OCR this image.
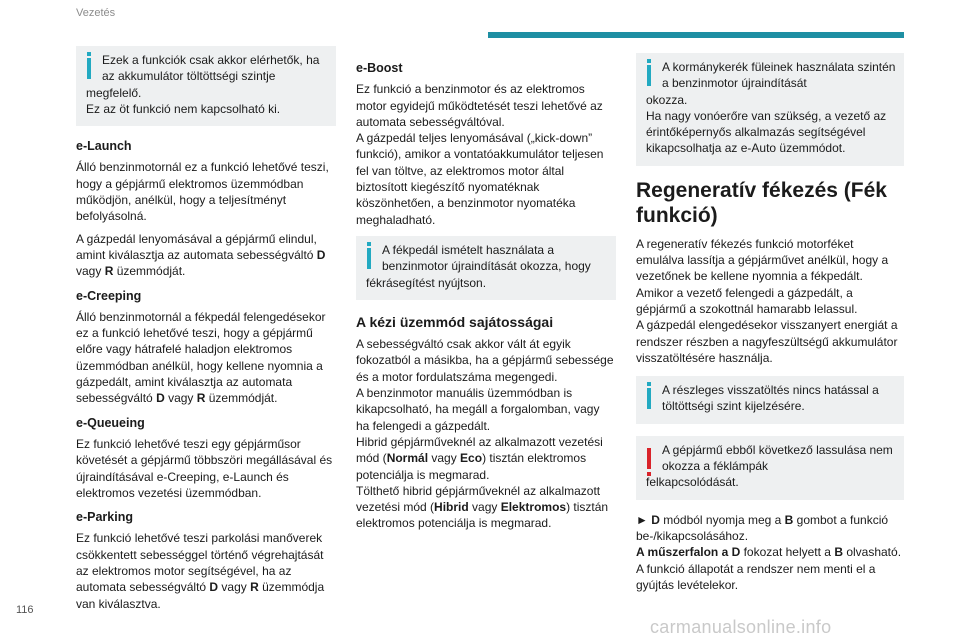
Vezetés
116

Ezek a funkciók csak akkor elérhetők, ha az akkumulátor töltöttségi szintje

megfelelő.

Ez az öt funkció nem kapcsolható ki.

e-Launch

Álló benzinmotornál ez a funkció lehetővé teszi, hogy a gépjármű elektromos üzemmódban működjön, anélkül, hogy a teljesítményt befolyásolná.

A gázpedál lenyomásával a gépjármű elindul, amint kiválasztja az automata sebességváltó D vagy R üzemmódját.

e-Creeping

Álló benzinmotornál a fékpedál felengedésekor ez a funkció lehetővé teszi, hogy a gépjármű előre vagy hátrafelé haladjon elektromos üzemmódban anélkül, hogy kellene nyomnia a gázpedált, amint kiválasztja az automata sebességváltó D vagy R üzemmódját.

e-Queueing

Ez funkció lehetővé teszi egy gépjárműsor követését a gépjármű többszöri megállásával és újraindításával e-Creeping, e-Launch és elektromos vezetési üzemmódban.

e-Parking

Ez funkció lehetővé teszi parkolási manőverek csökkentett sebességgel történő végrehajtását az elektromos motor segítségével, ha az automata sebességváltó D vagy R üzemmódja van kiválasztva.

e-Boost

Ez funkció a benzinmotor és az elektromos motor egyidejű működtetését teszi lehetővé az automata sebességváltóval.

A gázpedál teljes lenyomásával („kick-down” funkció), amikor a vontatóakkumulátor teljesen fel van töltve, az elektromos motor által biztosított kiegészítő nyomatéknak köszönhetően, a benzinmotor nyomatéka meghaladható.

A fékpedál ismételt használata a benzinmotor újraindítását okozza, hogy

fékrásegítést nyújtson.

A kézi üzemmód sajátosságai

A sebességváltó csak akkor vált át egyik fokozatból a másikba, ha a gépjármű sebessége és a motor fordulatszáma megengedi.

A benzinmotor manuális üzemmódban is kikapcsolható, ha megáll a forgalomban, vagy ha felengedi a gázpedált.

Hibrid gépjárműveknél az alkalmazott vezetési mód (Normál vagy Eco) tisztán elektromos potenciálja is megmarad.

Tölthető hibrid gépjárműveknél az alkalmazott vezetési mód (Hibrid vagy Elektromos) tisztán elektromos potenciálja is megmarad.

A kormánykerék füleinek használata szintén a benzinmotor újraindítását

okozza.

Ha nagy vonóerőre van szükség, a vezető az érintőképernyős alkalmazás segítségével kikapcsolhatja az e-Auto üzemmódot.

Regeneratív fékezés (Fék funkció)

A regeneratív fékezés funkció motorféket emulálva lassítja a gépjárművet anélkül, hogy a vezetőnek be kellene nyomnia a fékpedált.

Amikor a vezető felengedi a gázpedált, a gépjármű a szokottnál hamarabb lelassul.

A gázpedál elengedésekor visszanyert energiát a rendszer részben a nagyfeszültségű akkumulátor visszatöltésére használja.

A részleges visszatöltés nincs hatással a töltöttségi szint kijelzésére.

A gépjármű ebből következő lassulása nem okozza a féklámpák

felkapcsolódását.

► D módból nyomja meg a B gombot a funkció be-/kikapcsolásához.

A műszerfalon a D fokozat helyett a B olvasható.

A funkció állapotát a rendszer nem menti el a gyújtás levételekor.

carmanualsonline.info
